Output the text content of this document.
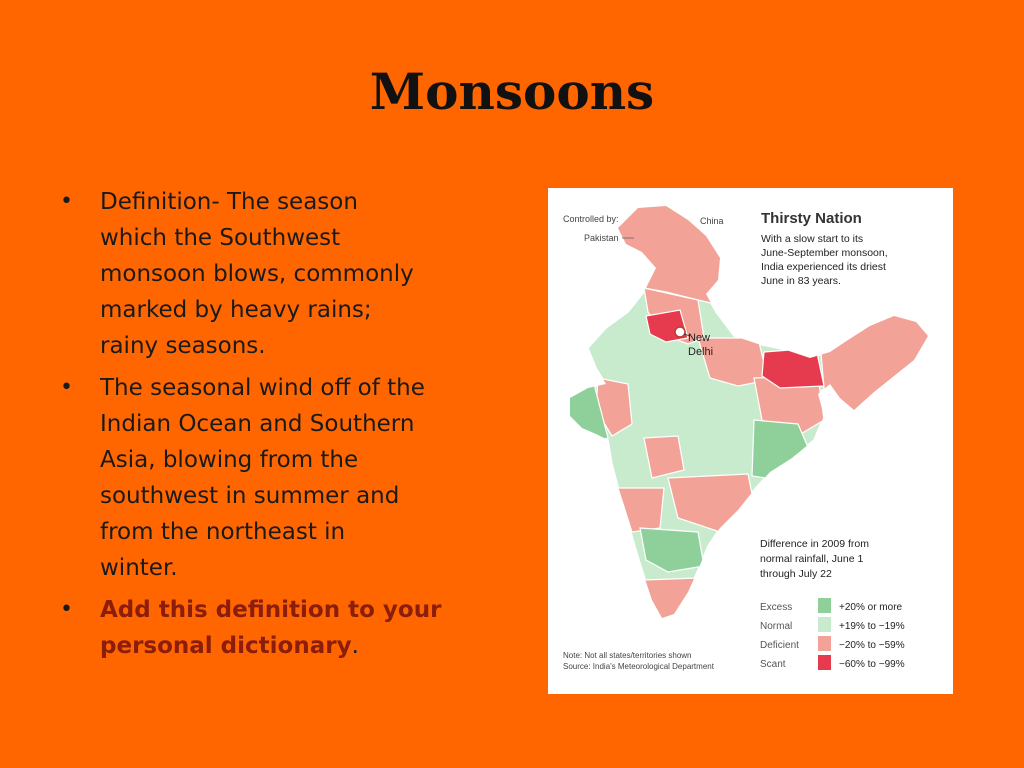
Monsoons
• Definition- The season
which the Southwest
monsoon blows, commonly
marked by heavy rains;
rainy seasons.
• The seasonal wind off of the
Indian Ocean and Southern
Asia, blowing from the
southwest in summer and
from the northeast in
winter.
• Add this definition to your
personal dictionary.
New
Delhi
Controlled by:
Pakistan
China Thirsty Nation
With a slow start to its
June-September monsoon,
India experienced its driest
June in 83 years.
Difference in 2009 from
normal rainfall, June 1
through July 22
Excess	+20% or more
Normal	+19% to −19%
Deficient	−20% to −59%
Scant	−60% to −99%
Note: Not all states/territories shown
Source: India's Meteorological Department
